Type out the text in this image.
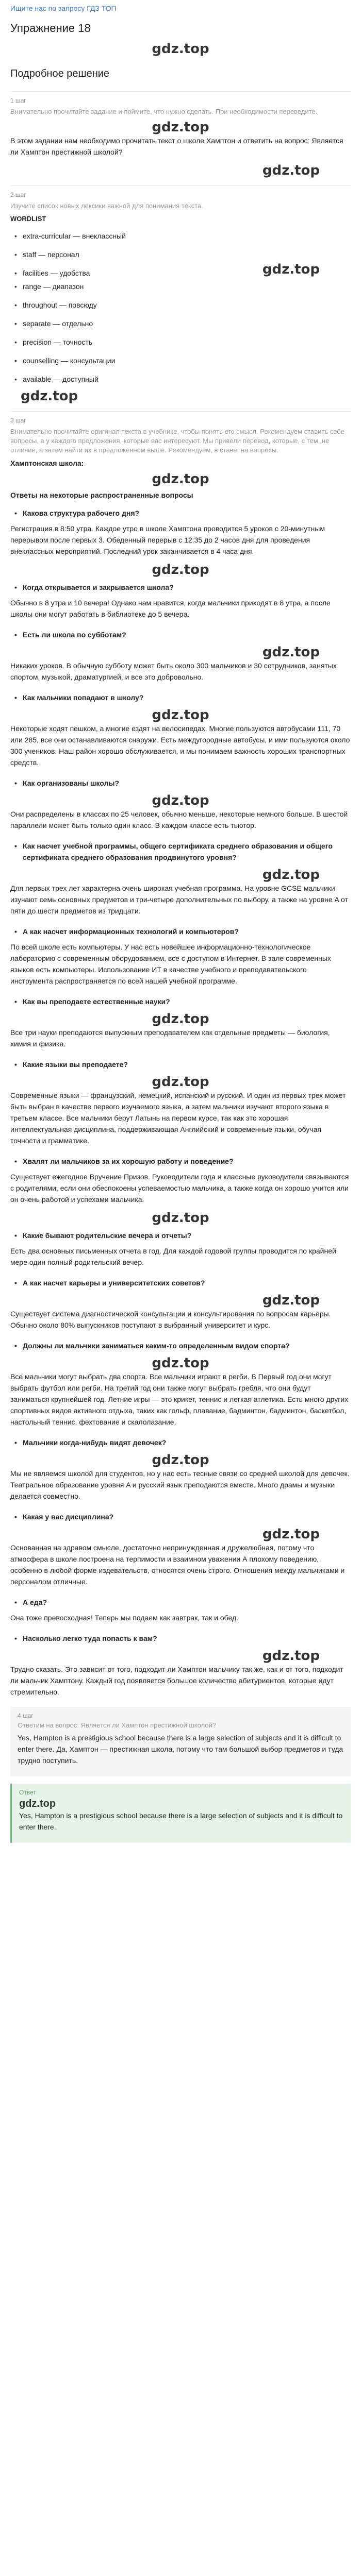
Ищите нас по запросу ГДЗ ТОП
Упражнение 18
gdz.top
Подробное решение
1 шаг
Внимательно прочитайте задание и поймите, что нужно сделать. При необходимости переведите.
gdz.top

В этом задании нам необходимо прочитать текст о школе Хамптон и ответить на вопрос: Является ли Хамптон престижной школой?

gdz.top
2 шаг
Изучите список новых лексики важной для понимания текста.
WORDLIST
• extra-curricular — внеклассный
• staff — персонал
• facilities — удобства	gdz.top
• range — диапазон
• throughout — повсюду
• separate — отдельно
• precision — точность
• counselling — консультации
• available — доступный
gdz.top
3 шаг
Внимательно прочитайте оригинал текста в учебнике, чтобы понять его смысл. Рекомендуем ставить себе вопросы, а у каждого предложения, которые вас интересуют. Мы привели перевод, которые, с тем, не отличие, а затем найти их в предложенном выше. Рекомендуем, в ставе, на вопросы.
Хамптонская школа:
gdz.top
Ответы на некоторые распространенные вопросы
• Какова структура рабочего дня?

Регистрация в 8:50 утра. Каждое утро в школе Хамптона проводится 5 уроков с 20-минутным перерывом после первых 3. Обеденный перерыв с 12:35 до 2 часов дня для проведения внеклассных мероприятий. Последний урок заканчивается в 4 часа дня.

gdz.top
• Когда открывается и закрывается школа?

Обычно в 8 утра и 10 вечера! Однако нам нравится, когда мальчики приходят в 8 утра, а после школы они могут работать в библиотеке до 5 вечера.

• Есть ли школа по субботам?
gdz.top

Никаких уроков. В обычную субботу может быть около 300 мальчиков и 30 сотрудников, занятых спортом, музыкой, драматургией, и все это добровольно.

• Как мальчики попадают в школу?
gdz.top

Некоторые ходят пешком, а многие ездят на велосипедах. Многие пользуются автобусами 111, 70 или 285, все они останавливаются снаружи. Есть междугородные автобусы, и ими пользуются около 300 учеников. Наш район хорошо обслуживается, и мы понимаем важность хороших транспортных средств.

• Как организованы школы?
gdz.top

Они распределены в классах по 25 человек, обычно меньше, некоторые немного больше. В шестой параллели может быть только один класс. В каждом классе есть тьютор.

• Как насчет учебной программы, общего сертификата среднего образования и общего сертификата среднего образования продвинутого уровня?
gdz.top

Для первых трех лет характерна очень широкая учебная программа. На уровне GCSE мальчики изучают семь основных предметов и три-четыре дополнительных по выбору, а также на уровне A от пяти до шести предметов из тридцати.

• А как насчет информационных технологий и компьютеров?

По всей школе есть компьютеры. У нас есть новейшее информационно-технологическое лабораторию с современным оборудованием, все с доступом в Интернет. В зале современных языков есть компьютеры. Использование ИТ в качестве учебного и преподавательского инструмента распространяется по всей нашей учебной программе.

• Как вы преподаете естественные науки?
gdz.top

Все три науки преподаются выпускным преподавателем как отдельные предметы — биология, химия и физика.

• Какие языки вы преподаете?
gdz.top

Современные языки — французский, немецкий, испанский и русский. И один из первых трех может быть выбран в качестве первого изучаемого языка, а затем мальчики изучают второго языка в третьем классе. Все мальчики берут Латынь на первом курсе, так как это хорошая интеллектуальная дисциплина, поддерживающая Английский и современные языки, обучая точности и грамматике.

• Хвалят ли мальчиков за их хорошую работу и поведение?

Существует ежегодное Вручение Призов. Руководители года и классные руководители связываются с родителями, если они обеспокоены успеваемостью мальчика, а также когда он хорошо учится или он очень работой и успехами мальчика.

gdz.top
• Какие бывают родительские вечера и отчеты?

Есть два основных письменных отчета в год. Для каждой годовой группы проводится по крайней мере один полный родительский вечер.

• А как насчет карьеры и университетских советов?
gdz.top

Существует система диагностической консультации и консультирования по вопросам карьеры. Обычно около 80% выпускников поступают в выбранный университет и курс.

• Должны ли мальчики заниматься каким-то определенным видом спорта?
gdz.top

Все мальчики могут выбрать два спорта. Все мальчики играют в регби. В Первый год они могут выбрать футбол или регби. На третий год они также могут выбрать гребля, что они будут заниматься крупнейшей год. Летние игры — это крикет, теннис и легкая атлетика. Есть много других спортивных видов активного отдыха, таких как гольф, плавание, бадминтон, бадминтон, баскетбол, настольный теннис, фехтование и скалолазание.

• Мальчики когда-нибудь видят девочек?
gdz.top

Мы не являемся школой для студентов, но у нас есть тесные связи со средней школой для девочек. Театральное образование уровня A и русский язык преподаются вместе. Много драмы и музыки делается совместно.

• Какая у вас дисциплина?
gdz.top

Основанная на здравом смысле, достаточно непринужденная и дружелюбная, потому что атмосфера в школе построена на терпимости и взаимном уважении А плохому поведению, особенно в любой форме издевательств, относятся очень строго. Отношения между мальчиками и персоналом отличные.

• А еда?

Она тоже превосходная! Теперь мы подаем как завтрак, так и обед.

• Насколько легко туда попасть к вам?
gdz.top

Трудно сказать. Это зависит от того, подходит ли Хамптон мальчику так же, как и от того, подходит ли мальчик Хамптону. Каждый год появляется большое количество абитуриентов, которые идут стремительно.

4 шаг
Ответим на вопрос: Является ли Хамптон престижной школой?

Yes, Hampton is a prestigious school because there is a large selection of subjects and it is difficult to enter there. Да, Хамптон — престижная школа, потому что там большой выбор предметов и туда трудно поступить.

Ответ
gdz.top

Yes, Hampton is a prestigious school because there is a large selection of subjects and it is difficult to enter there.
